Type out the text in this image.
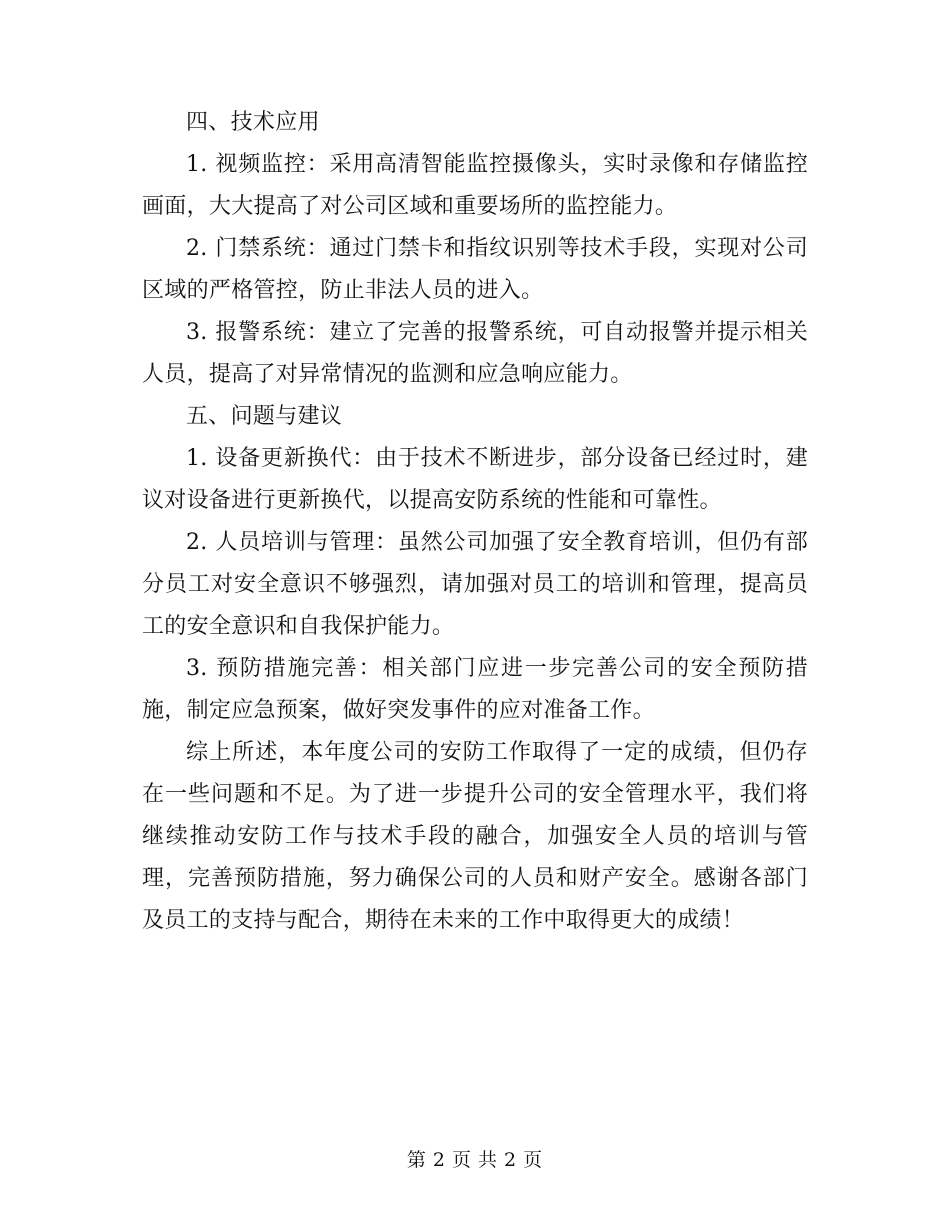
四、技术应用

1. 视频监控：采用高清智能监控摄像头，实时录像和存储监控画面，大大提高了对公司区域和重要场所的监控能力。

2. 门禁系统：通过门禁卡和指纹识别等技术手段，实现对公司区域的严格管控，防止非法人员的进入。

3. 报警系统：建立了完善的报警系统，可自动报警并提示相关人员，提高了对异常情况的监测和应急响应能力。

五、问题与建议

1. 设备更新换代：由于技术不断进步，部分设备已经过时，建议对设备进行更新换代，以提高安防系统的性能和可靠性。

2. 人员培训与管理：虽然公司加强了安全教育培训，但仍有部分员工对安全意识不够强烈，请加强对员工的培训和管理，提高员工的安全意识和自我保护能力。

3. 预防措施完善：相关部门应进一步完善公司的安全预防措施，制定应急预案，做好突发事件的应对准备工作。

综上所述，本年度公司的安防工作取得了一定的成绩，但仍存在一些问题和不足。为了进一步提升公司的安全管理水平，我们将继续推动安防工作与技术手段的融合，加强安全人员的培训与管理，完善预防措施，努力确保公司的人员和财产安全。感谢各部门及员工的支持与配合，期待在未来的工作中取得更大的成绩！

第 2 页 共 2 页
